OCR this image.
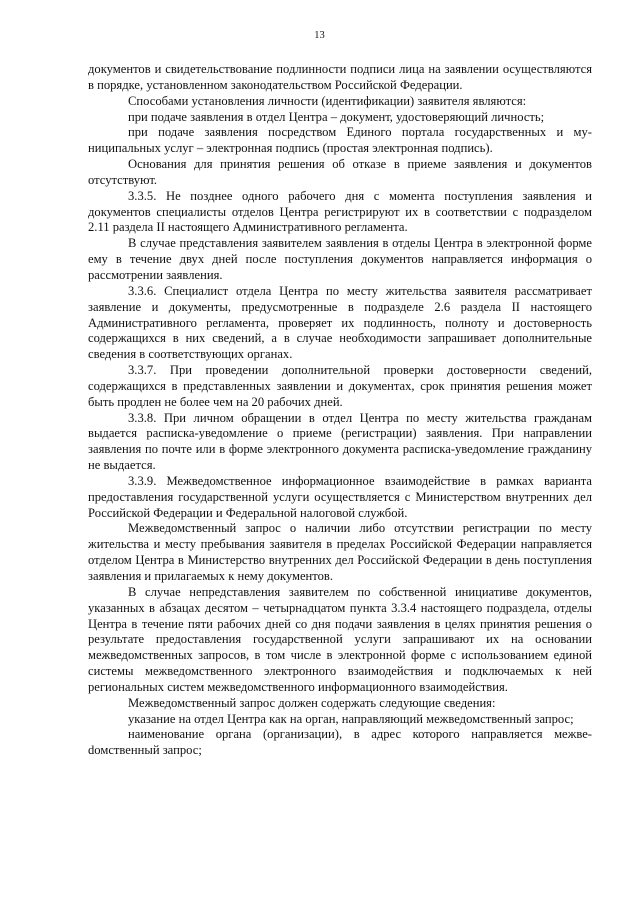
13

документов и свидетельствование подлинности подписи лица на заявлении осуществляются в порядке, установленном законодательством Российской Федерации.

Способами установления личности (идентификации) заявителя являются:

при подаче заявления в отдел Центра – документ, удостоверяющий личность;

при подаче заявления посредством Единого портала государственных и муниципальных услуг – электронная подпись (простая электронная подпись).

Основания для принятия решения об отказе в приеме заявления и документов отсутствуют.

3.3.5. Не позднее одного рабочего дня с момента поступления заявления и документов специалисты отделов Центра регистрируют их в соответствии с подразделом 2.11 раздела II настоящего Административного регламента.

В случае представления заявителем заявления в отделы Центра в электронной форме ему в течение двух дней после поступления документов направляется информация о рассмотрении заявления.

3.3.6. Специалист отдела Центра по месту жительства заявителя рассматривает заявление и документы, предусмотренные в подразделе 2.6 раздела II настоящего Административного регламента, проверяет их подлинность, полноту и достоверность содержащихся в них сведений, а в случае необходимости запрашивает дополнительные сведения в соответствующих органах.

3.3.7. При проведении дополнительной проверки достоверности сведений, содержащихся в представленных заявлении и документах, срок принятия решения может быть продлен не более чем на 20 рабочих дней.

3.3.8. При личном обращении в отдел Центра по месту жительства гражданам выдается расписка-уведомление о приеме (регистрации) заявления. При направлении заявления по почте или в форме электронного документа расписка-уведомление гражданину не выдается.

3.3.9. Межведомственное информационное взаимодействие в рамках варианта предоставления государственной услуги осуществляется с Министерством внутренних дел Российской Федерации и Федеральной налоговой службой.

Межведомственный запрос о наличии либо отсутствии регистрации по месту жительства и месту пребывания заявителя в пределах Российской Федерации направляется отделом Центра в Министерство внутренних дел Российской Федерации в день поступления заявления и прилагаемых к нему документов.

В случае непредставления заявителем по собственной инициативе документов, указанных в абзацах десятом – четырнадцатом пункта 3.3.4 настоящего подраздела, отделы Центра в течение пяти рабочих дней со дня подачи заявления в целях принятия решения о результате предоставления государственной услуги запрашивают их на основании межведомственных запросов, в том числе в электронной форме с использованием единой системы межведомственного электронного взаимодействия и подключаемых к ней региональных систем межведомственного информационного взаимодействия.

Межведомственный запрос должен содержать следующие сведения:

указание на отдел Центра как на орган, направляющий межведомственный запрос;

наименование органа (организации), в адрес которого направляется межвеdомственный запрос;
